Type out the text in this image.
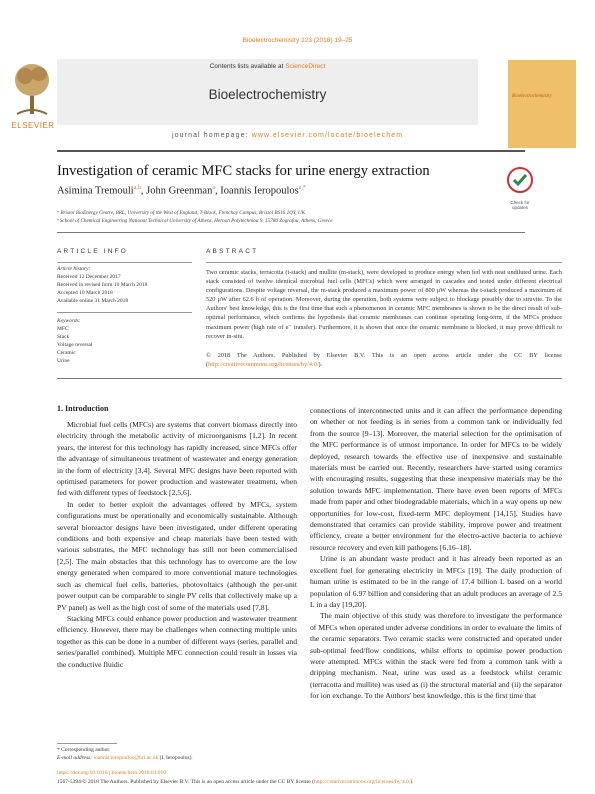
Bioelectrochemistry 123 (2018) 19–25
ELSEVIER
Contents lists available at ScienceDirect
Bioelectrochemistry	Bioelectrochemistry
journal homepage: www.elsevier.com/locate/bioelechem
Investigation of ceramic MFC stacks for urine energy extraction
Check for updates
Asimina Tremouli$^{a,b}$, John Greenman$^a$, Ioannis Ieropoulos$^{a,*}$
ᵃ Bristol BioEnergy Centre, BRL, University of the West of England, T-Block, Frenchay Campus, Bristol BS16 1QY, UK
ᵇ School of Chemical Engineering National Technical University of Athens, Heroon Polytechniou 9, 15780 Zografou, Athens, Greece
ARTICLE INFO
Article history:
Received 12 December 2017
Received in revised form 10 March 2018
Accepted 10 March 2018
Available online 31 March 2018
Keywords:
MFC
Stack
Voltage reversal
Ceramic
Urine
ABSTRACT
Two ceramic stacks, terracotta (t-stack) and mullite (m-stack), were developed to produce energy when fed with neat undiluted urine. Each stack consisted of twelve identical microbial fuel cells (MFCs) which were arranged in cascades and tested under different electrical configurations. Despite voltage reversal, the m-stack produced a maximum power of 800 μW whereas the t-stack produced a maximum of 520 μW after 62.6 h of operation. Moreover, during the operation, both systems were subject to blockage possibly due to struvite. To the Authors' best knowledge, this is the first time that such a phenomenon in ceramic MFC membranes is shown to be the direct result of sub-optimal performance, which confirms the hypothesis that ceramic membranes can continue operating long-term, if the MFCs produce maximum power (high rate of e⁻ transfer). Furthermore, it is shown that once the ceramic membrane is blocked, it may prove difficult to recover in-situ.
© 2018 The Authors. Published by Elsevier B.V. This is an open access article under the CC BY license (http://creativecommons.org/licenses/by/4.0/).
1. Introduction

Microbial fuel cells (MFCs) are systems that convert biomass directly into electricity through the metabolic activity of microorganisms [1,2]. In recent years, the interest for this technology has rapidly increased, since MFCs offer the advantage of simultaneous treatment of wastewater and energy generation in the form of electricity [3,4]. Several MFC designs have been reported with optimised parameters for power production and wastewater treatment, when fed with different types of feedstock [2,5,6].

In order to better exploit the advantages offered by MFCs, system configurations must be operationally and economically sustainable. Although several bioreactor designs have been investigated, under different operating conditions and both expensive and cheap materials have been tested with various substrates, the MFC technology has still not been commercialised [2,5]. The main obstacles that this technology has to overcome are the low energy generated when compared to more conventional mature technologies such as chemical fuel cells, batteries, photovoltaics (although the per-unit power output can be comparable to single PV cells that collectively make up a PV panel) as well as the high cost of some of the materials used [7,8].

Stacking MFCs could enhance power production and wastewater treatment efficiency. However, there may be challenges when connecting multiple units together as this can be done in a number of different ways (series, parallel and series/parallel combined). Multiple MFC connection could result in losses via the conductive fluidic

connections of interconnected units and it can affect the performance depending on whether or not feeding is in series from a common tank or individually fed from the source [9–13]. Moreover, the material selection for the optimisation of the MFC performance is of utmost importance. In order for MFCs to be widely deployed, research towards the effective use of inexpensive and sustainable materials must be carried out. Recently, researchers have started using ceramics with encouraging results, suggesting that these inexpensive materials may be the solution towards MFC implementation. There have even been reports of MFCs made from paper and other biodegradable materials, which in a way opens up new opportunities for low-cost, fixed-term MFC deployment [14,15]. Studies have demonstrated that ceramics can provide stability, improve power and treatment efficiency, create a better environment for the electro-active bacteria to achieve resource recovery and even kill pathogens [6,16–18].

Urine is an abundant waste product and it has already been reported as an excellent fuel for generating electricity in MFCs [19]. The daily production of human urine is estimated to be in the range of 17.4 billion L based on a world population of 6.97 billion and considering that an adult produces an average of 2.5 L in a day [19,20].

The main objective of this study was therefore to investigate the performance of MFCs when operated under adverse conditions in order to evaluate the limits of the ceramic separators. Two ceramic stacks were constructed and operated under sub-optimal feed/flow conditions, whilst efforts to optimise power production were attempted. MFCs within the stack were fed from a common tank with a dripping mechanism. Neat, urine was used as a feedstock whilst ceramic (terracotta and mullite) was used as (i) the structural material and (ii) the separator for ion exchange. To the Authors' best knowledge, this is the first time that

* Corresponding author.
E-mail address: ioannis.ieropoulos@brl.ac.uk (I. Ieropoulos).
https://doi.org/10.1016/j.bioelechem.2018.03.010
1567-5394/© 2018 The Authors. Published by Elsevier B.V. This is an open access article under the CC BY license (http://creativecommons.org/licenses/by/4.0/).
